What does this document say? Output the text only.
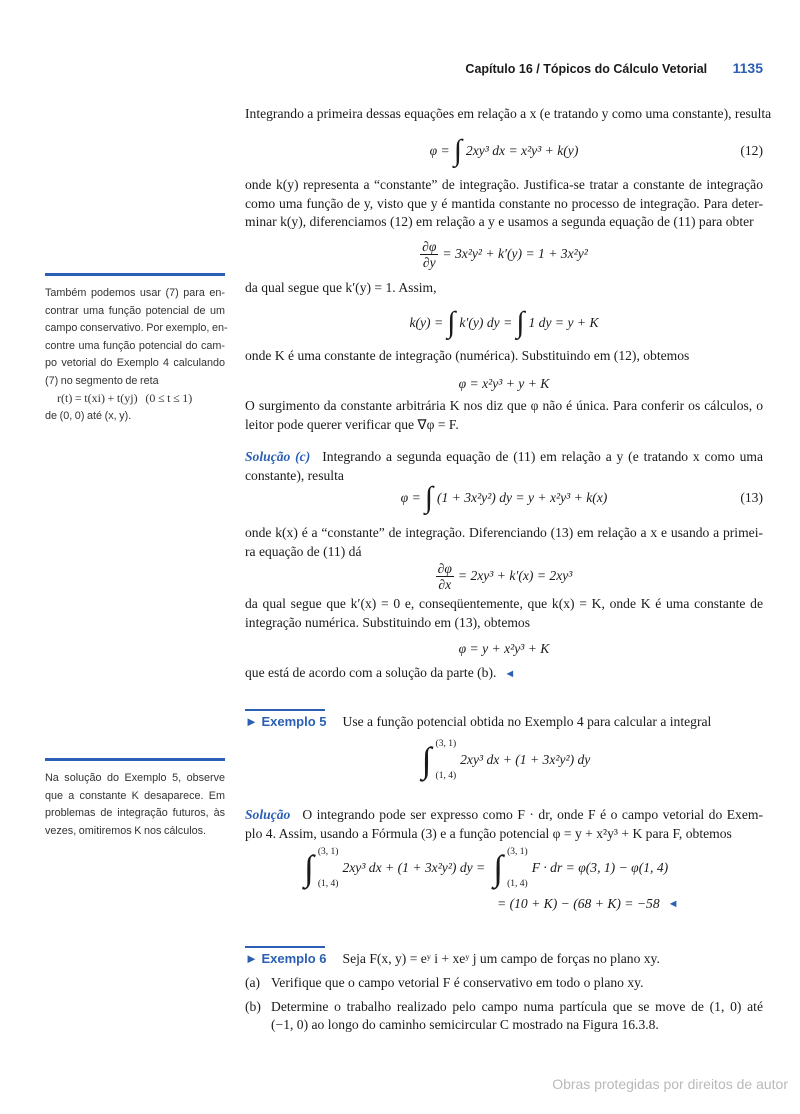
Capítulo 16 / Tópicos do Cálculo Vetorial 1135
Também podemos usar (7) para en-
contrar uma função potencial de um
campo conservativo. Por exemplo, en-
contre uma função potencial do cam-
po vetorial do Exemplo 4 calculando
(7) no segmento de reta
r(t) = t(xi) + t(yj)   (0 ≤ t ≤ 1)
de (0, 0) até (x, y).
Na solução do Exemplo 5, observe
que a constante K desaparece. Em
problemas de integração futuros, às
vezes, omitiremos K nos cálculos.
Integrando a primeira dessas equações em relação a x (e tratando y como uma constante), resulta
φ = ∫ 2xy³ dx = x²y³ + k(y)	(12)
onde k(y) representa a “constante” de integração. Justifica-se tratar a constante de integração
como uma função de y, visto que y é mantida constante no processo de integração. Para deter-
minar k(y), diferenciamos (12) em relação a y e usamos a segunda equação de (11) para obter
$\frac{\partial\varphi}{\partial y} = 3x^2y^2 + k'(y) = 1 + 3x^2y^2$
da qual segue que k′(y) = 1. Assim,
k(y) = ∫ k′(y) dy = ∫ 1 dy = y + K
onde K é uma constante de integração (numérica). Substituindo em (12), obtemos
φ = x²y³ + y + K
O surgimento da constante arbitrária K nos diz que φ não é única. Para conferir os cálculos, o
leitor pode querer verificar que ∇φ = F.
Solução (c) Integrando a segunda equação de (11) em relação a y (e tratando x como uma
constante), resulta
φ = ∫ (1 + 3x²y²) dy = y + x²y³ + k(x)	(13)
onde k(x) é a “constante” de integração. Diferenciando (13) em relação a x e usando a primei-
ra equação de (11) dá
$\frac{\partial\varphi}{\partial x} = 2xy^3 + k'(x) = 2xy^3$
da qual segue que k′(x) = 0 e, conseqüentemente, que k(x) = K, onde K é uma constante de
integração numérica. Substituindo em (13), obtemos
φ = y + x²y³ + K
que está de acordo com a solução da parte (b). ◄
► Exemplo 5 Use a função potencial obtida no Exemplo 4 para calcular a integral
∫ (3, 1)
(1, 4)
2xy³ dx + (1 + 3x²y²) dy
Solução O integrando pode ser expresso como F · dr, onde F é o campo vetorial do Exem-
plo 4. Assim, usando a Fórmula (3) e a função potencial φ = y + x²y³ + K para F, obtemos
∫ (3, 1)
(1, 4)
2xy³ dx + (1 + 3x²y²) dy = ∫ (3, 1)
(1, 4)
F · dr = φ(3, 1) − φ(1, 4)
= (10 + K) − (68 + K) = −58 ◄
► Exemplo 6 Seja F(x, y) = eʸ i + xeʸ j um campo de forças no plano xy.
(a) Verifique que o campo vetorial F é conservativo em todo o plano xy.
(b) Determine o trabalho realizado pelo campo numa partícula que se move de (1, 0) até
(−1, 0) ao longo do caminho semicircular C mostrado na Figura 16.3.8.
Obras protegidas por direitos de autor
